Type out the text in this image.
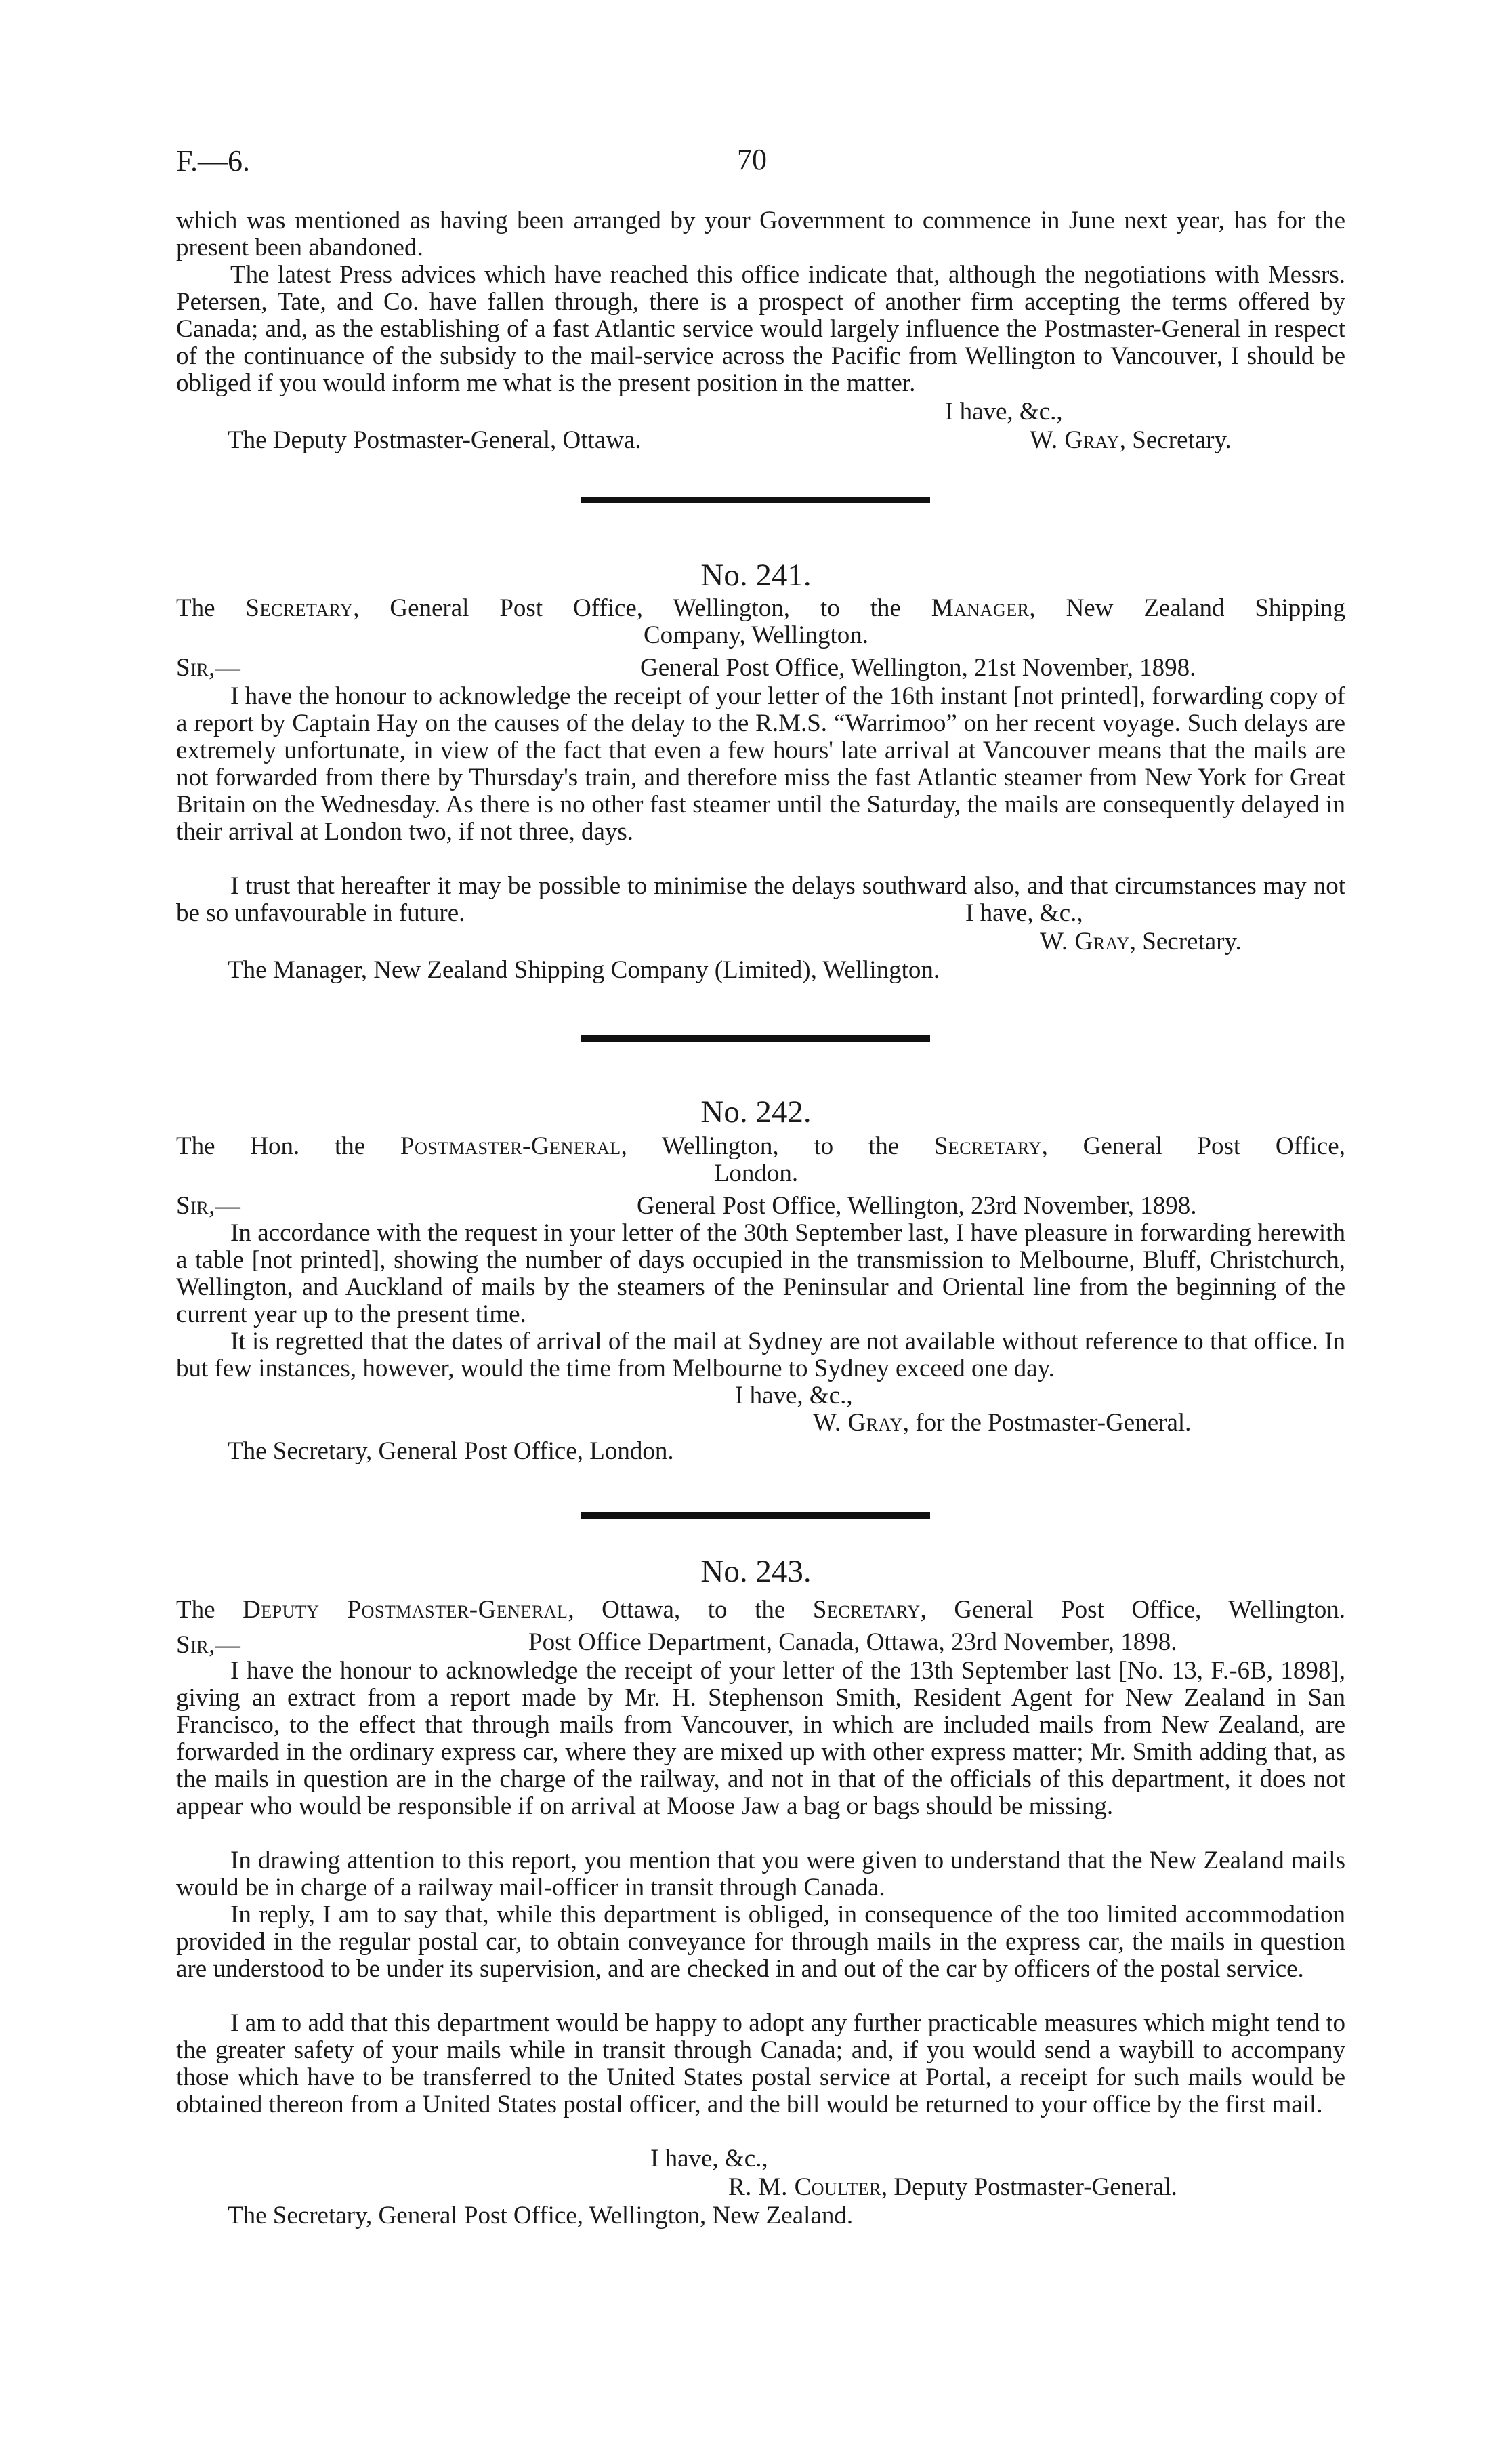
F.—6.	70
which was mentioned as having been arranged by your Government to commence in June next year, has for the present been abandoned.
The latest Press advices which have reached this office indicate that, although the negotiations with Messrs. Petersen, Tate, and Co. have fallen through, there is a prospect of another firm accepting the terms offered by Canada; and, as the establishing of a fast Atlantic service would largely influence the Postmaster-General in respect of the continuance of the subsidy to the mail-service across the Pacific from Wellington to Vancouver, I should be obliged if you would inform me what is the present position in the matter.
I have, &c.,
The Deputy Postmaster-General, Ottawa.	W. Gray, Secretary.
No. 241.
The Secretary, General Post Office, Wellington, to the Manager, New Zealand Shipping
Company, Wellington.
Sir,—	General Post Office, Wellington, 21st November, 1898.
I have the honour to acknowledge the receipt of your letter of the 16th instant [not printed], forwarding copy of a report by Captain Hay on the causes of the delay to the R.M.S. “Warrimoo” on her recent voyage. Such delays are extremely unfortunate, in view of the fact that even a few hours' late arrival at Vancouver means that the mails are not forwarded from there by Thursday's train, and therefore miss the fast Atlantic steamer from New York for Great Britain on the Wednesday. As there is no other fast steamer until the Saturday, the mails are consequently delayed in their arrival at London two, if not three, days.
I trust that hereafter it may be possible to minimise the delays southward also, and that circumstances may not be so unfavourable in future.	I have, &c.,
W. Gray, Secretary.
The Manager, New Zealand Shipping Company (Limited), Wellington.
No. 242.
The Hon. the Postmaster-General, Wellington, to the Secretary, General Post Office,
London.
Sir,—	General Post Office, Wellington, 23rd November, 1898.
In accordance with the request in your letter of the 30th September last, I have pleasure in forwarding herewith a table [not printed], showing the number of days occupied in the transmission to Melbourne, Bluff, Christchurch, Wellington, and Auckland of mails by the steamers of the Peninsular and Oriental line from the beginning of the current year up to the present time.
It is regretted that the dates of arrival of the mail at Sydney are not available without reference to that office. In but few instances, however, would the time from Melbourne to Sydney exceed one day.
I have, &c.,
W. Gray, for the Postmaster-General.
The Secretary, General Post Office, London.
No. 243.
The Deputy Postmaster-General, Ottawa, to the Secretary, General Post Office, Wellington.
Sir,—	Post Office Department, Canada, Ottawa, 23rd November, 1898.
I have the honour to acknowledge the receipt of your letter of the 13th September last [No. 13, F.-6B, 1898], giving an extract from a report made by Mr. H. Stephenson Smith, Resident Agent for New Zealand in San Francisco, to the effect that through mails from Vancouver, in which are included mails from New Zealand, are forwarded in the ordinary express car, where they are mixed up with other express matter; Mr. Smith adding that, as the mails in question are in the charge of the railway, and not in that of the officials of this department, it does not appear who would be responsible if on arrival at Moose Jaw a bag or bags should be missing.
In drawing attention to this report, you mention that you were given to understand that the New Zealand mails would be in charge of a railway mail-officer in transit through Canada.
In reply, I am to say that, while this department is obliged, in consequence of the too limited accommodation provided in the regular postal car, to obtain conveyance for through mails in the express car, the mails in question are understood to be under its supervision, and are checked in and out of the car by officers of the postal service.
I am to add that this department would be happy to adopt any further practicable measures which might tend to the greater safety of your mails while in transit through Canada; and, if you would send a waybill to accompany those which have to be transferred to the United States postal service at Portal, a receipt for such mails would be obtained thereon from a United States postal officer, and the bill would be returned to your office by the first mail.
I have, &c.,
R. M. Coulter, Deputy Postmaster-General.
The Secretary, General Post Office, Wellington, New Zealand.
